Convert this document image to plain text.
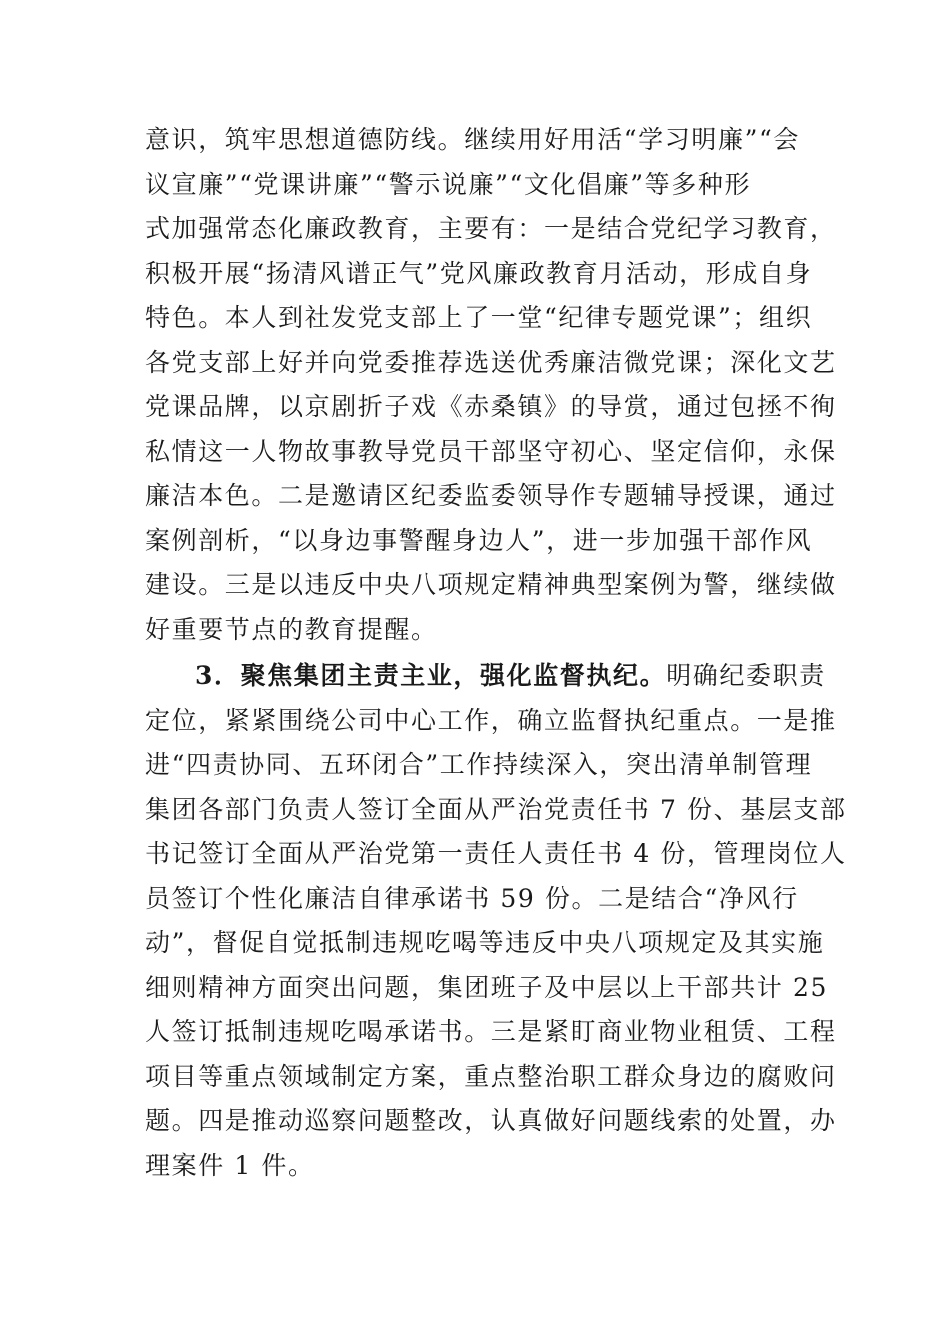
意识，筑牢思想道德防线。继续用好用活“学习明廉”“会
议宣廉”“党课讲廉”“警示说廉”“文化倡廉”等多种形
式加强常态化廉政教育，主要有：一是结合党纪学习教育，
积极开展“扬清风谱正气”党风廉政教育月活动，形成自身
特色。本人到社发党支部上了一堂“纪律专题党课”；组织
各党支部上好并向党委推荐选送优秀廉洁微党课；深化文艺
党课品牌，以京剧折子戏《赤桑镇》的导赏，通过包拯不徇
私情这一人物故事教导党员干部坚守初心、坚定信仰，永保
廉洁本色。二是邀请区纪委监委领导作专题辅导授课，通过
案例剖析，“以身边事警醒身边人”，进一步加强干部作风
建设。三是以违反中央八项规定精神典型案例为警，继续做
好重要节点的教育提醒。
3．聚焦集团主责主业，强化监督执纪。明确纪委职责
定位，紧紧围绕公司中心工作，确立监督执纪重点。一是推
进“四责协同、五环闭合”工作持续深入，突出清单制管理
集团各部门负责人签订全面从严治党责任书 7 份、基层支部
书记签订全面从严治党第一责任人责任书 4 份，管理岗位人
员签订个性化廉洁自律承诺书 59 份。二是结合“净风行
动”，督促自觉抵制违规吃喝等违反中央八项规定及其实施
细则精神方面突出问题，集团班子及中层以上干部共计 25
人签订抵制违规吃喝承诺书。三是紧盯商业物业租赁、工程
项目等重点领域制定方案，重点整治职工群众身边的腐败问
题。四是推动巡察问题整改，认真做好问题线索的处置，办
理案件 1 件。
